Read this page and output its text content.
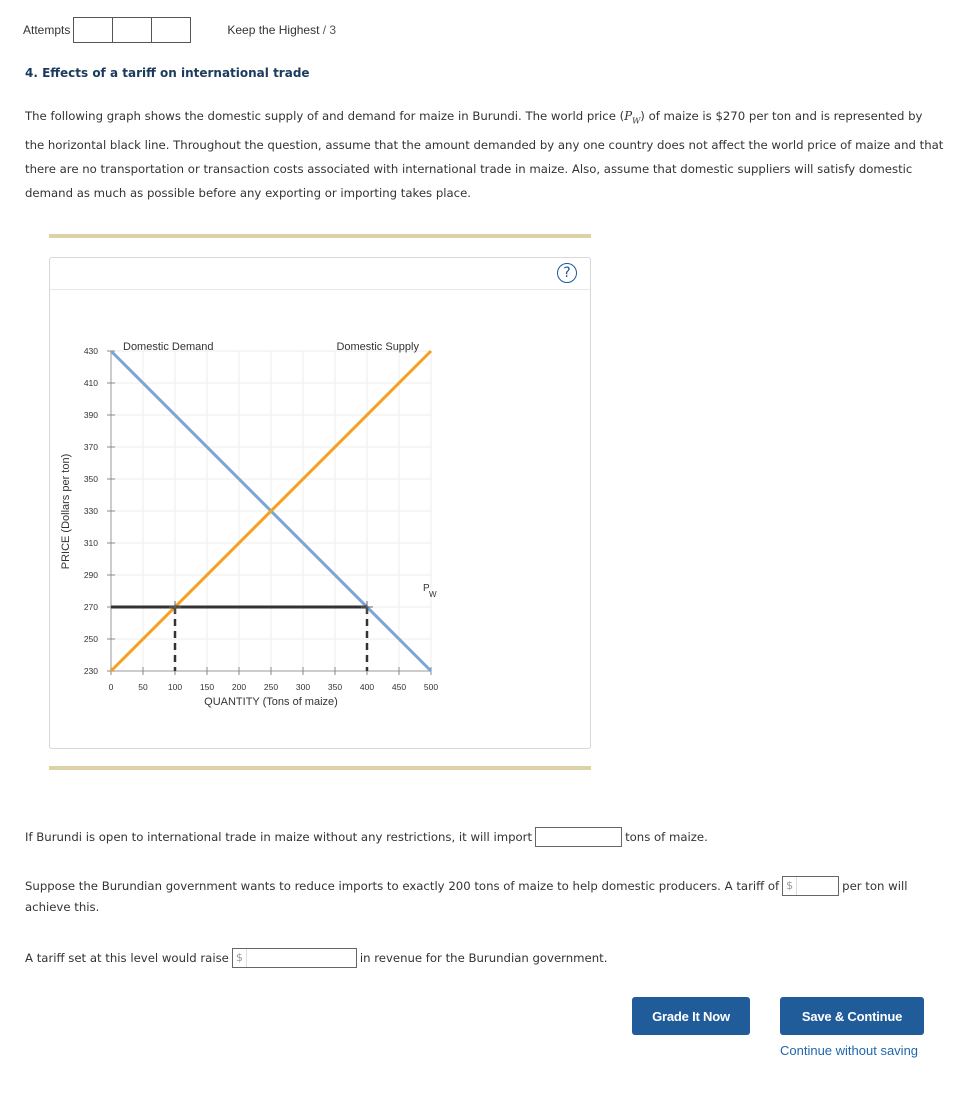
Attempts	Keep the Highest / 3
4. Effects of a tariff on international trade
The following graph shows the domestic supply of and demand for maize in Burundi. The world price $(P_W)$ of maize is $270 per ton and is represented by the horizontal black line. Throughout the question, assume that the amount demanded by any one country does not affect the world price of maize and that there are no transportation or transaction costs associated with international trade in maize. Also, assume that domestic suppliers will satisfy domestic demand as much as possible before any exporting or importing takes place.
?
230
250
270
290
310
330
350
370
390
410
430
0	50 100 150 200 250 300 350 400 450 500
QUANTITY (Tons of maize)
PRICE (Dollars per ton)
Domestic Demand	Domestic Supply
P
W
If Burundi is open to international trade in maize without any restrictions, it will import	tons of maize.
Suppose the Burundian government wants to reduce imports to exactly 200 tons of maize to help domestic producers. A tariff of $	per ton will
achieve this.
A tariff set at this level would raise $	in revenue for the Burundian government.
Grade It Now	Save & Continue
Continue without saving
